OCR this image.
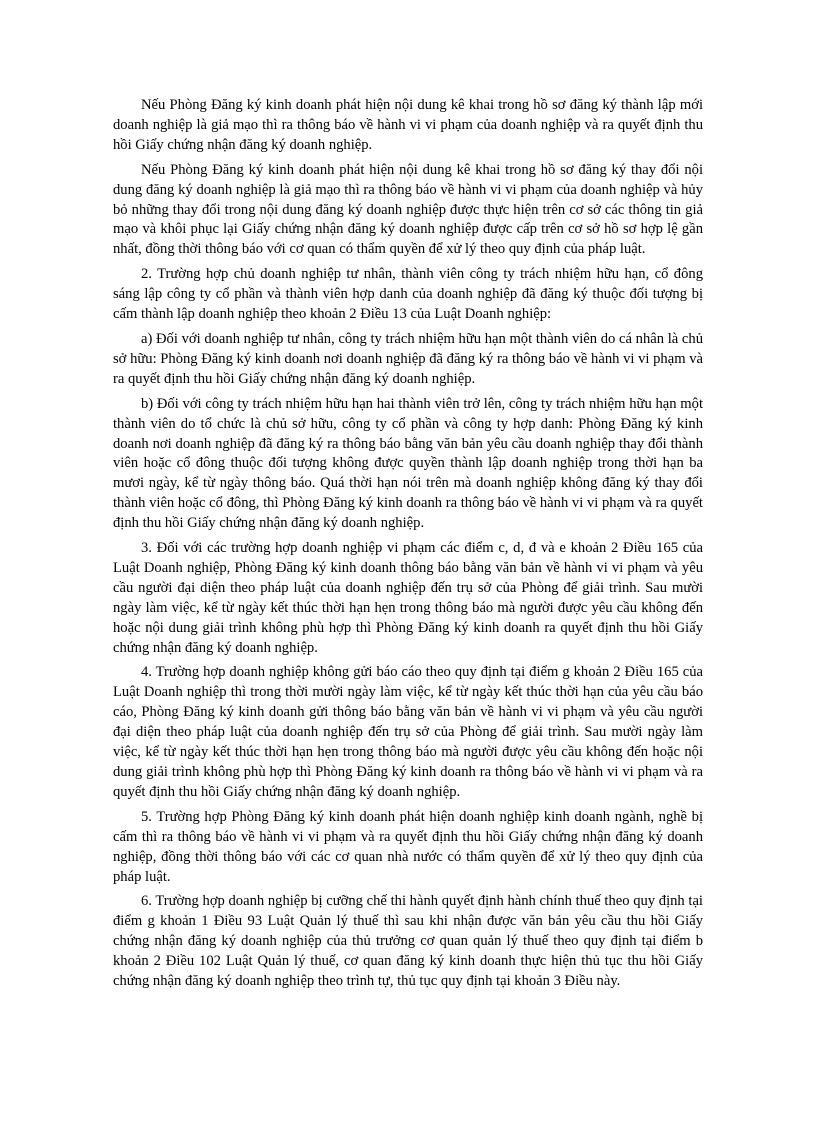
Nếu Phòng Đăng ký kinh doanh phát hiện nội dung kê khai trong hồ sơ đăng ký thành lập mới doanh nghiệp là giả mạo thì ra thông báo về hành vi vi phạm của doanh nghiệp và ra quyết định thu hồi Giấy chứng nhận đăng ký doanh nghiệp.

Nếu Phòng Đăng ký kinh doanh phát hiện nội dung kê khai trong hồ sơ đăng ký thay đổi nội dung đăng ký doanh nghiệp là giả mạo thì ra thông báo về hành vi vi phạm của doanh nghiệp và hủy bỏ những thay đổi trong nội dung đăng ký doanh nghiệp được thực hiện trên cơ sở các thông tin giả mạo và khôi phục lại Giấy chứng nhận đăng ký doanh nghiệp được cấp trên cơ sở hồ sơ hợp lệ gần nhất, đồng thời thông báo với cơ quan có thẩm quyền để xử lý theo quy định của pháp luật.

2. Trường hợp chủ doanh nghiệp tư nhân, thành viên công ty trách nhiệm hữu hạn, cổ đông sáng lập công ty cổ phần và thành viên hợp danh của doanh nghiệp đã đăng ký thuộc đối tượng bị cấm thành lập doanh nghiệp theo khoản 2 Điều 13 của Luật Doanh nghiệp:

a) Đối với doanh nghiệp tư nhân, công ty trách nhiệm hữu hạn một thành viên do cá nhân là chủ sở hữu: Phòng Đăng ký kinh doanh nơi doanh nghiệp đã đăng ký ra thông báo về hành vi vi phạm và ra quyết định thu hồi Giấy chứng nhận đăng ký doanh nghiệp.

b) Đối với công ty trách nhiệm hữu hạn hai thành viên trở lên, công ty trách nhiệm hữu hạn một thành viên do tổ chức là chủ sở hữu, công ty cổ phần và công ty hợp danh: Phòng Đăng ký kinh doanh nơi doanh nghiệp đã đăng ký ra thông báo bằng văn bản yêu cầu doanh nghiệp thay đổi thành viên hoặc cổ đông thuộc đối tượng không được quyền thành lập doanh nghiệp trong thời hạn ba mươi ngày, kể từ ngày thông báo. Quá thời hạn nói trên mà doanh nghiệp không đăng ký thay đổi thành viên hoặc cổ đông, thì Phòng Đăng ký kinh doanh ra thông báo về hành vi vi phạm và ra quyết định thu hồi Giấy chứng nhận đăng ký doanh nghiệp.

3. Đối với các trường hợp doanh nghiệp vi phạm các điểm c, d, đ và e khoản 2 Điều 165 của Luật Doanh nghiệp, Phòng Đăng ký kinh doanh thông báo bằng văn bản về hành vi vi phạm và yêu cầu người đại diện theo pháp luật của doanh nghiệp đến trụ sở của Phòng để giải trình. Sau mười ngày làm việc, kể từ ngày kết thúc thời hạn hẹn trong thông báo mà người được yêu cầu không đến hoặc nội dung giải trình không phù hợp thì Phòng Đăng ký kinh doanh ra quyết định thu hồi Giấy chứng nhận đăng ký doanh nghiệp.

4. Trường hợp doanh nghiệp không gửi báo cáo theo quy định tại điểm g khoản 2 Điều 165 của Luật Doanh nghiệp thì trong thời mười ngày làm việc, kể từ ngày kết thúc thời hạn của yêu cầu báo cáo, Phòng Đăng ký kinh doanh gửi thông báo bằng văn bản về hành vi vi phạm và yêu cầu người đại diện theo pháp luật của doanh nghiệp đến trụ sở của Phòng để giải trình. Sau mười ngày làm việc, kể từ ngày kết thúc thời hạn hẹn trong thông báo mà người được yêu cầu không đến hoặc nội dung giải trình không phù hợp thì Phòng Đăng ký kinh doanh ra thông báo về hành vi vi phạm và ra quyết định thu hồi Giấy chứng nhận đăng ký doanh nghiệp.

5. Trường hợp Phòng Đăng ký kinh doanh phát hiện doanh nghiệp kinh doanh ngành, nghề bị cấm thì ra thông báo về hành vi vi phạm và ra quyết định thu hồi Giấy chứng nhận đăng ký doanh nghiệp, đồng thời thông báo với các cơ quan nhà nước có thẩm quyền để xử lý theo quy định của pháp luật.

6. Trường hợp doanh nghiệp bị cưỡng chế thi hành quyết định hành chính thuế theo quy định tại điểm g khoản 1 Điều 93 Luật Quản lý thuế thì sau khi nhận được văn bản yêu cầu thu hồi Giấy chứng nhận đăng ký doanh nghiệp của thủ trưởng cơ quan quản lý thuế theo quy định tại điểm b khoản 2 Điều 102 Luật Quản lý thuế, cơ quan đăng ký kinh doanh thực hiện thủ tục thu hồi Giấy chứng nhận đăng ký doanh nghiệp theo trình tự, thủ tục quy định tại khoản 3 Điều này.
